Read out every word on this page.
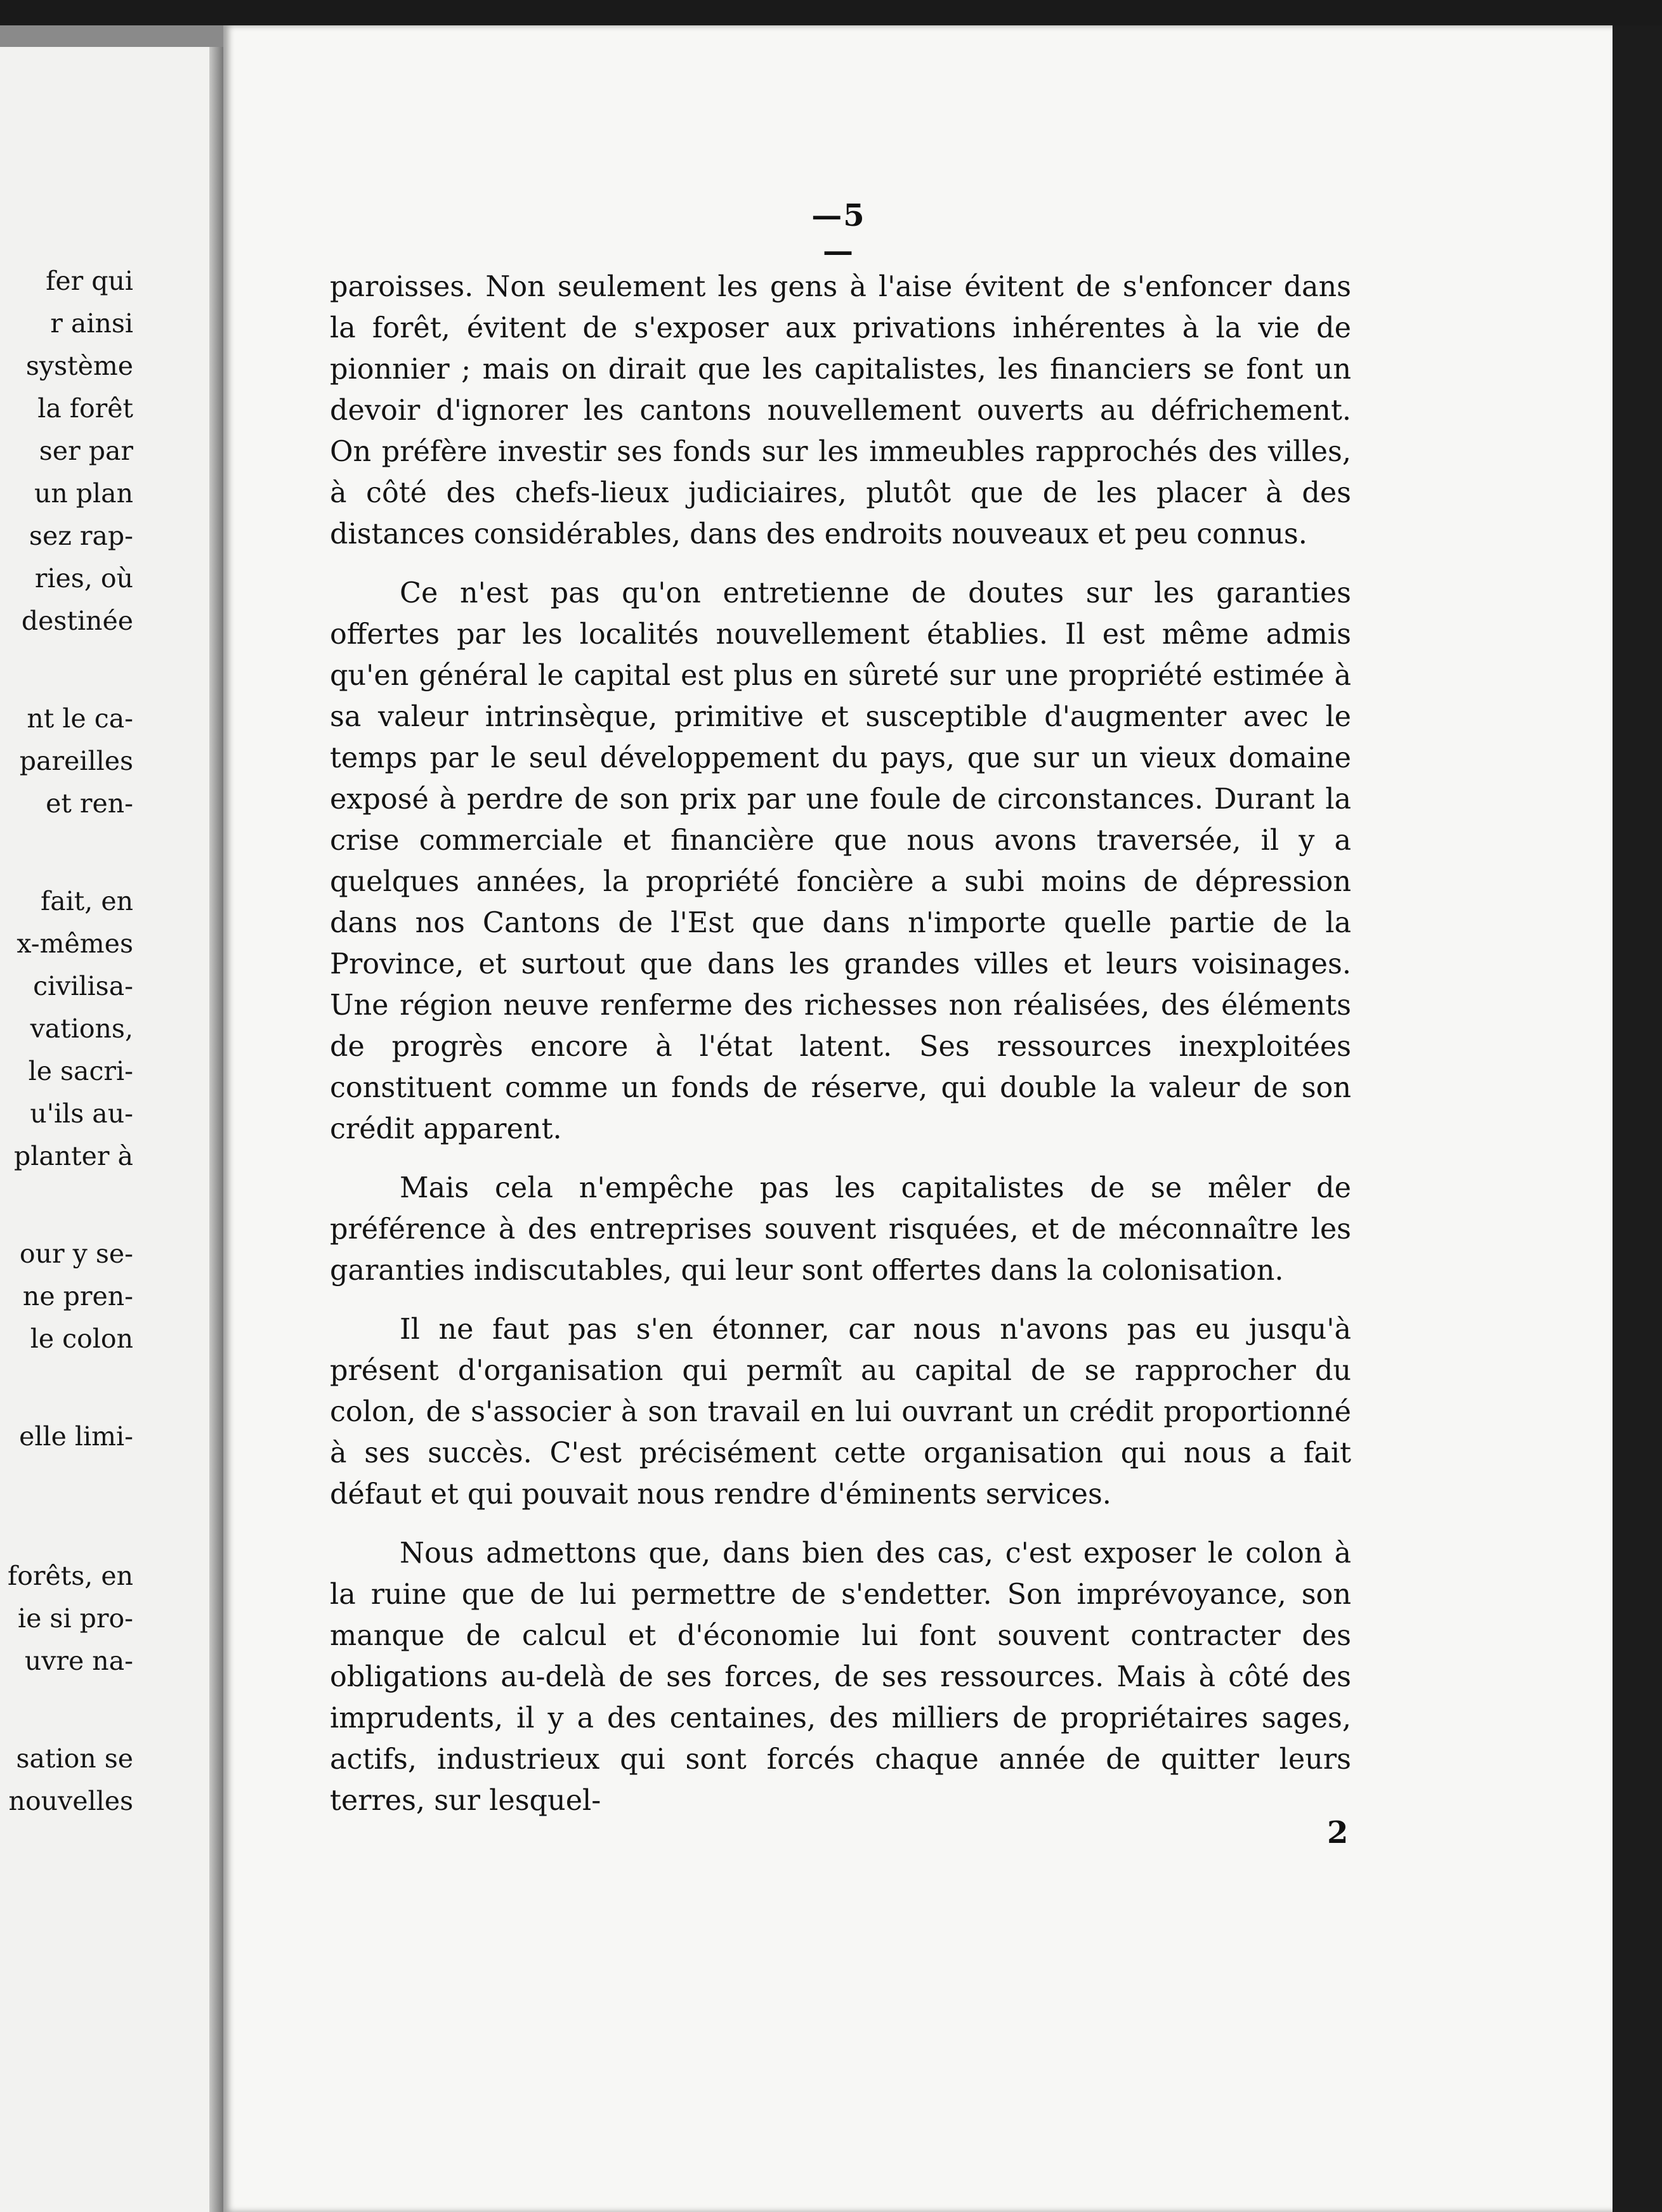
fer qui
r ainsi
système
la forêt
ser par
un plan
sez rap-
ries, où
destinée
nt le ca-
pareilles
et ren-
fait, en
x-mêmes
civilisa-
vations,
le sacri-
u'ils au-
planter à
our y se-
ne pren-
le colon
elle limi-
forêts, en
ie si pro-
uvre na-
sation se
nouvelles
—5—

paroisses. Non seulement les gens à l'aise évitent de s'enfoncer dans la forêt, évitent de s'exposer aux privations inhérentes à la vie de pionnier ; mais on dirait que les capitalistes, les financiers se font un devoir d'ignorer les cantons nouvellement ouverts au défrichement. On préfère investir ses fonds sur les immeubles rapprochés des villes, à côté des chefs-lieux judiciaires, plutôt que de les placer à des distances considérables, dans des endroits nouveaux et peu connus.

Ce n'est pas qu'on entretienne de doutes sur les garanties offertes par les localités nouvellement établies. Il est même admis qu'en général le capital est plus en sûreté sur une propriété estimée à sa valeur intrinsèque, primitive et susceptible d'augmenter avec le temps par le seul développement du pays, que sur un vieux domaine exposé à perdre de son prix par une foule de circonstances. Durant la crise commerciale et financière que nous avons traversée, il y a quelques années, la propriété foncière a subi moins de dépression dans nos Cantons de l'Est que dans n'importe quelle partie de la Province, et surtout que dans les grandes villes et leurs voisinages. Une région neuve renferme des richesses non réalisées, des éléments de progrès encore à l'état latent. Ses ressources inexploitées constituent comme un fonds de réserve, qui double la valeur de son crédit apparent.

Mais cela n'empêche pas les capitalistes de se mêler de préférence à des entreprises souvent risquées, et de méconnaître les garanties indiscutables, qui leur sont offertes dans la colonisation.

Il ne faut pas s'en étonner, car nous n'avons pas eu jusqu'à présent d'organisation qui permît au capital de se rapprocher du colon, de s'associer à son travail en lui ouvrant un crédit proportionné à ses succès. C'est précisément cette organisation qui nous a fait défaut et qui pouvait nous rendre d'éminents services.

Nous admettons que, dans bien des cas, c'est exposer le colon à la ruine que de lui permettre de s'endetter. Son imprévoyance, son manque de calcul et d'économie lui font souvent contracter des obligations au-delà de ses forces, de ses ressources. Mais à côté des imprudents, il y a des centaines, des milliers de propriétaires sages, actifs, industrieux qui sont forcés chaque année de quitter leurs terres, sur lesquel-

2
